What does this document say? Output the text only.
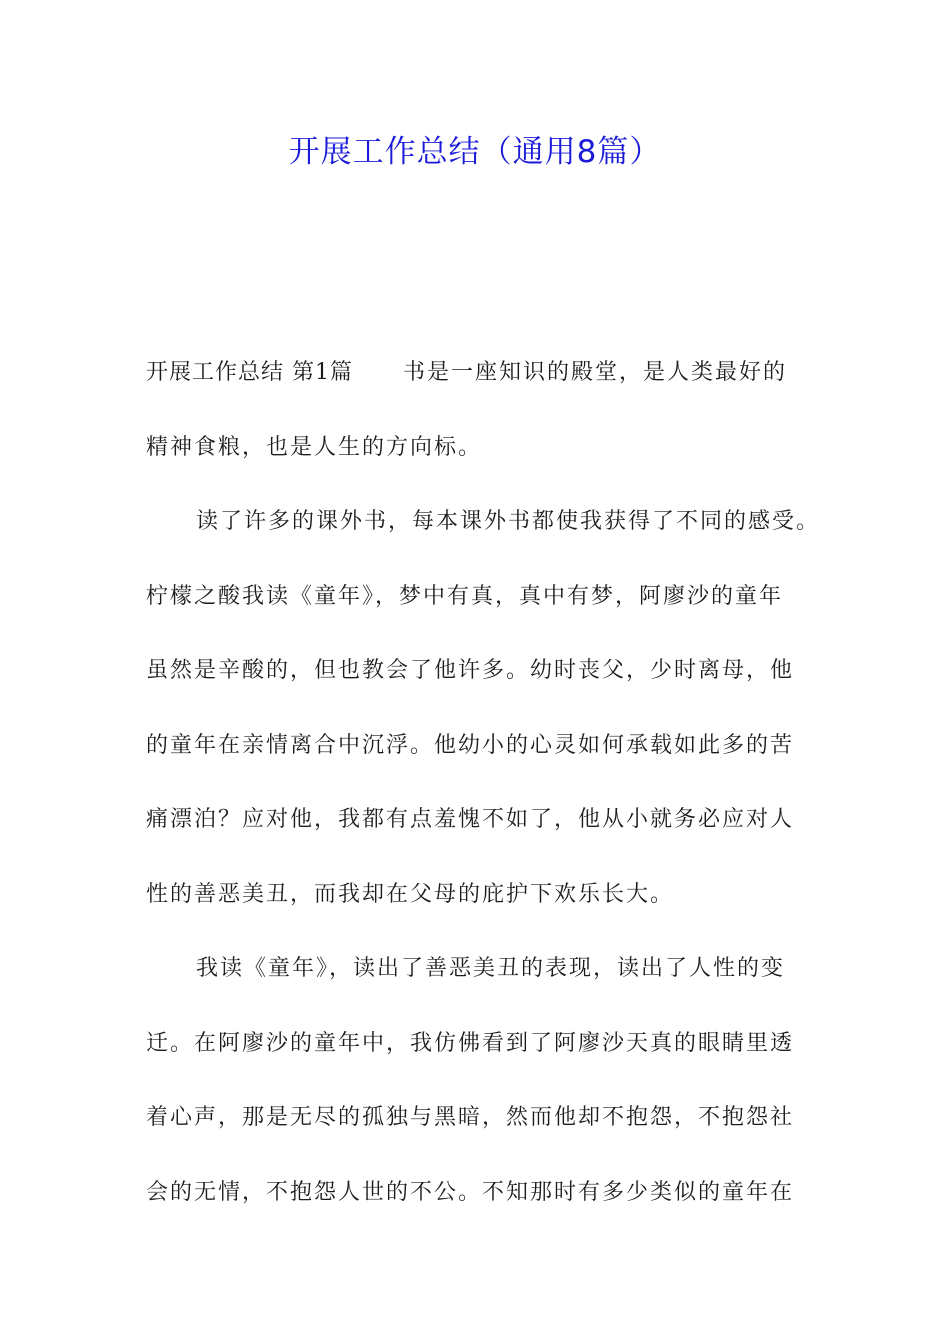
开展工作总结（通用8篇）
开展工作总结 第1篇 书是一座知识的殿堂，是人类最好的
精神食粮，也是人生的方向标。
读了许多的课外书，每本课外书都使我获得了不同的感受。
柠檬之酸我读《童年》，梦中有真，真中有梦，阿廖沙的童年
虽然是辛酸的，但也教会了他许多。幼时丧父，少时离母，他
的童年在亲情离合中沉浮。他幼小的心灵如何承载如此多的苦
痛漂泊？应对他，我都有点羞愧不如了，他从小就务必应对人
性的善恶美丑，而我却在父母的庇护下欢乐长大。
我读《童年》，读出了善恶美丑的表现，读出了人性的变
迁。在阿廖沙的童年中，我仿佛看到了阿廖沙天真的眼睛里透
着心声，那是无尽的孤独与黑暗，然而他却不抱怨，不抱怨社
会的无情，不抱怨人世的不公。不知那时有多少类似的童年在
